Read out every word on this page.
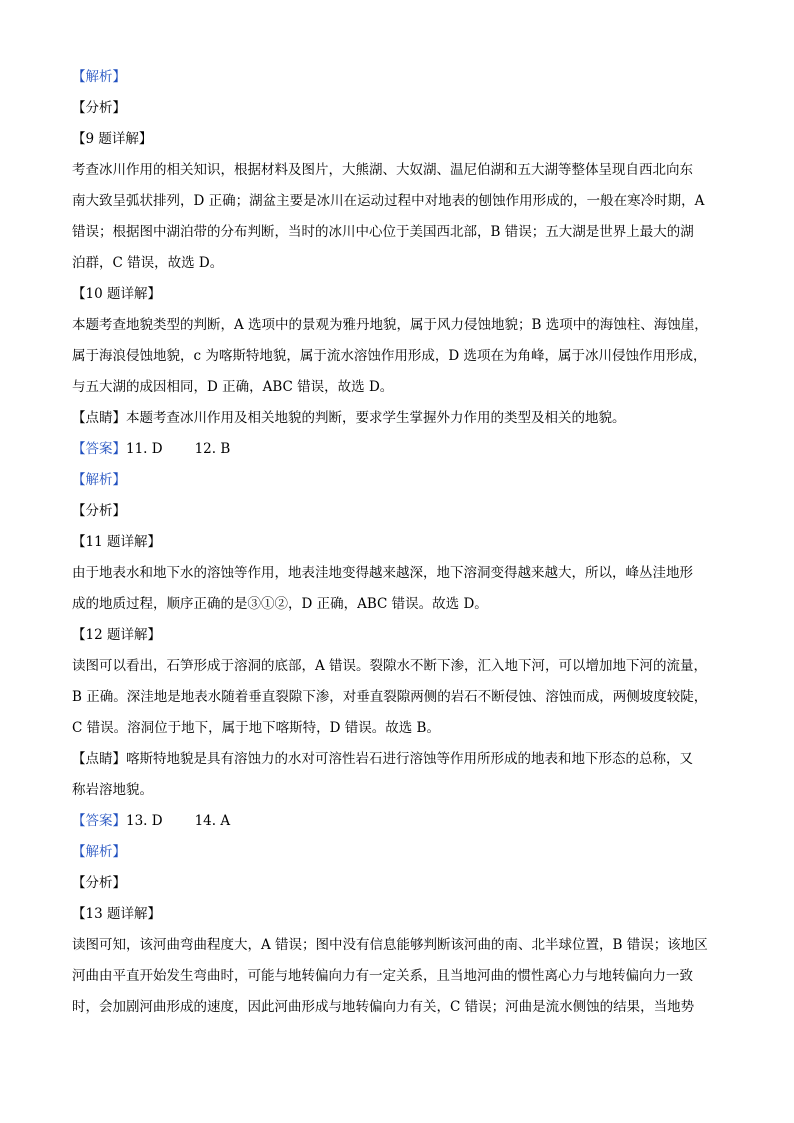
【解析】
【分析】
【9 题详解】
考查冰川作用的相关知识，根据材料及图片，大熊湖、大奴湖、温尼伯湖和五大湖等整体呈现自西北向东
南大致呈弧状排列，D 正确；湖盆主要是冰川在运动过程中对地表的刨蚀作用形成的，一般在寒冷时期，A
错误；根据图中湖泊带的分布判断，当时的冰川中心位于美国西北部，B 错误；五大湖是世界上最大的湖
泊群，C 错误，故选 D。
【10 题详解】
本题考查地貌类型的判断，A 选项中的景观为雅丹地貌，属于风力侵蚀地貌；B 选项中的海蚀柱、海蚀崖，
属于海浪侵蚀地貌，c 为喀斯特地貌，属于流水溶蚀作用形成，D 选项在为角峰，属于冰川侵蚀作用形成，
与五大湖的成因相同，D 正确，ABC 错误，故选 D。
【点睛】本题考查冰川作用及相关地貌的判断，要求学生掌握外力作用的类型及相关的地貌。
【答案】11. D 12. B
【解析】
【分析】
【11 题详解】
由于地表水和地下水的溶蚀等作用，地表洼地变得越来越深，地下溶洞变得越来越大，所以，峰丛洼地形
成的地质过程，顺序正确的是③①②，D 正确，ABC 错误。故选 D。
【12 题详解】
读图可以看出，石笋形成于溶洞的底部，A 错误。裂隙水不断下渗，汇入地下河，可以增加地下河的流量，
B 正确。深洼地是地表水随着垂直裂隙下渗，对垂直裂隙两侧的岩石不断侵蚀、溶蚀而成，两侧坡度较陡，
C 错误。溶洞位于地下，属于地下喀斯特，D 错误。故选 B。
【点睛】喀斯特地貌是具有溶蚀力的水对可溶性岩石进行溶蚀等作用所形成的地表和地下形态的总称，又
称岩溶地貌。
【答案】13. D 14. A
【解析】
【分析】
【13 题详解】
读图可知，该河曲弯曲程度大，A 错误；图中没有信息能够判断该河曲的南、北半球位置，B 错误；该地区
河曲由平直开始发生弯曲时，可能与地转偏向力有一定关系，且当地河曲的惯性离心力与地转偏向力一致
时，会加剧河曲形成的速度，因此河曲形成与地转偏向力有关，C 错误；河曲是流水侧蚀的结果，当地势
